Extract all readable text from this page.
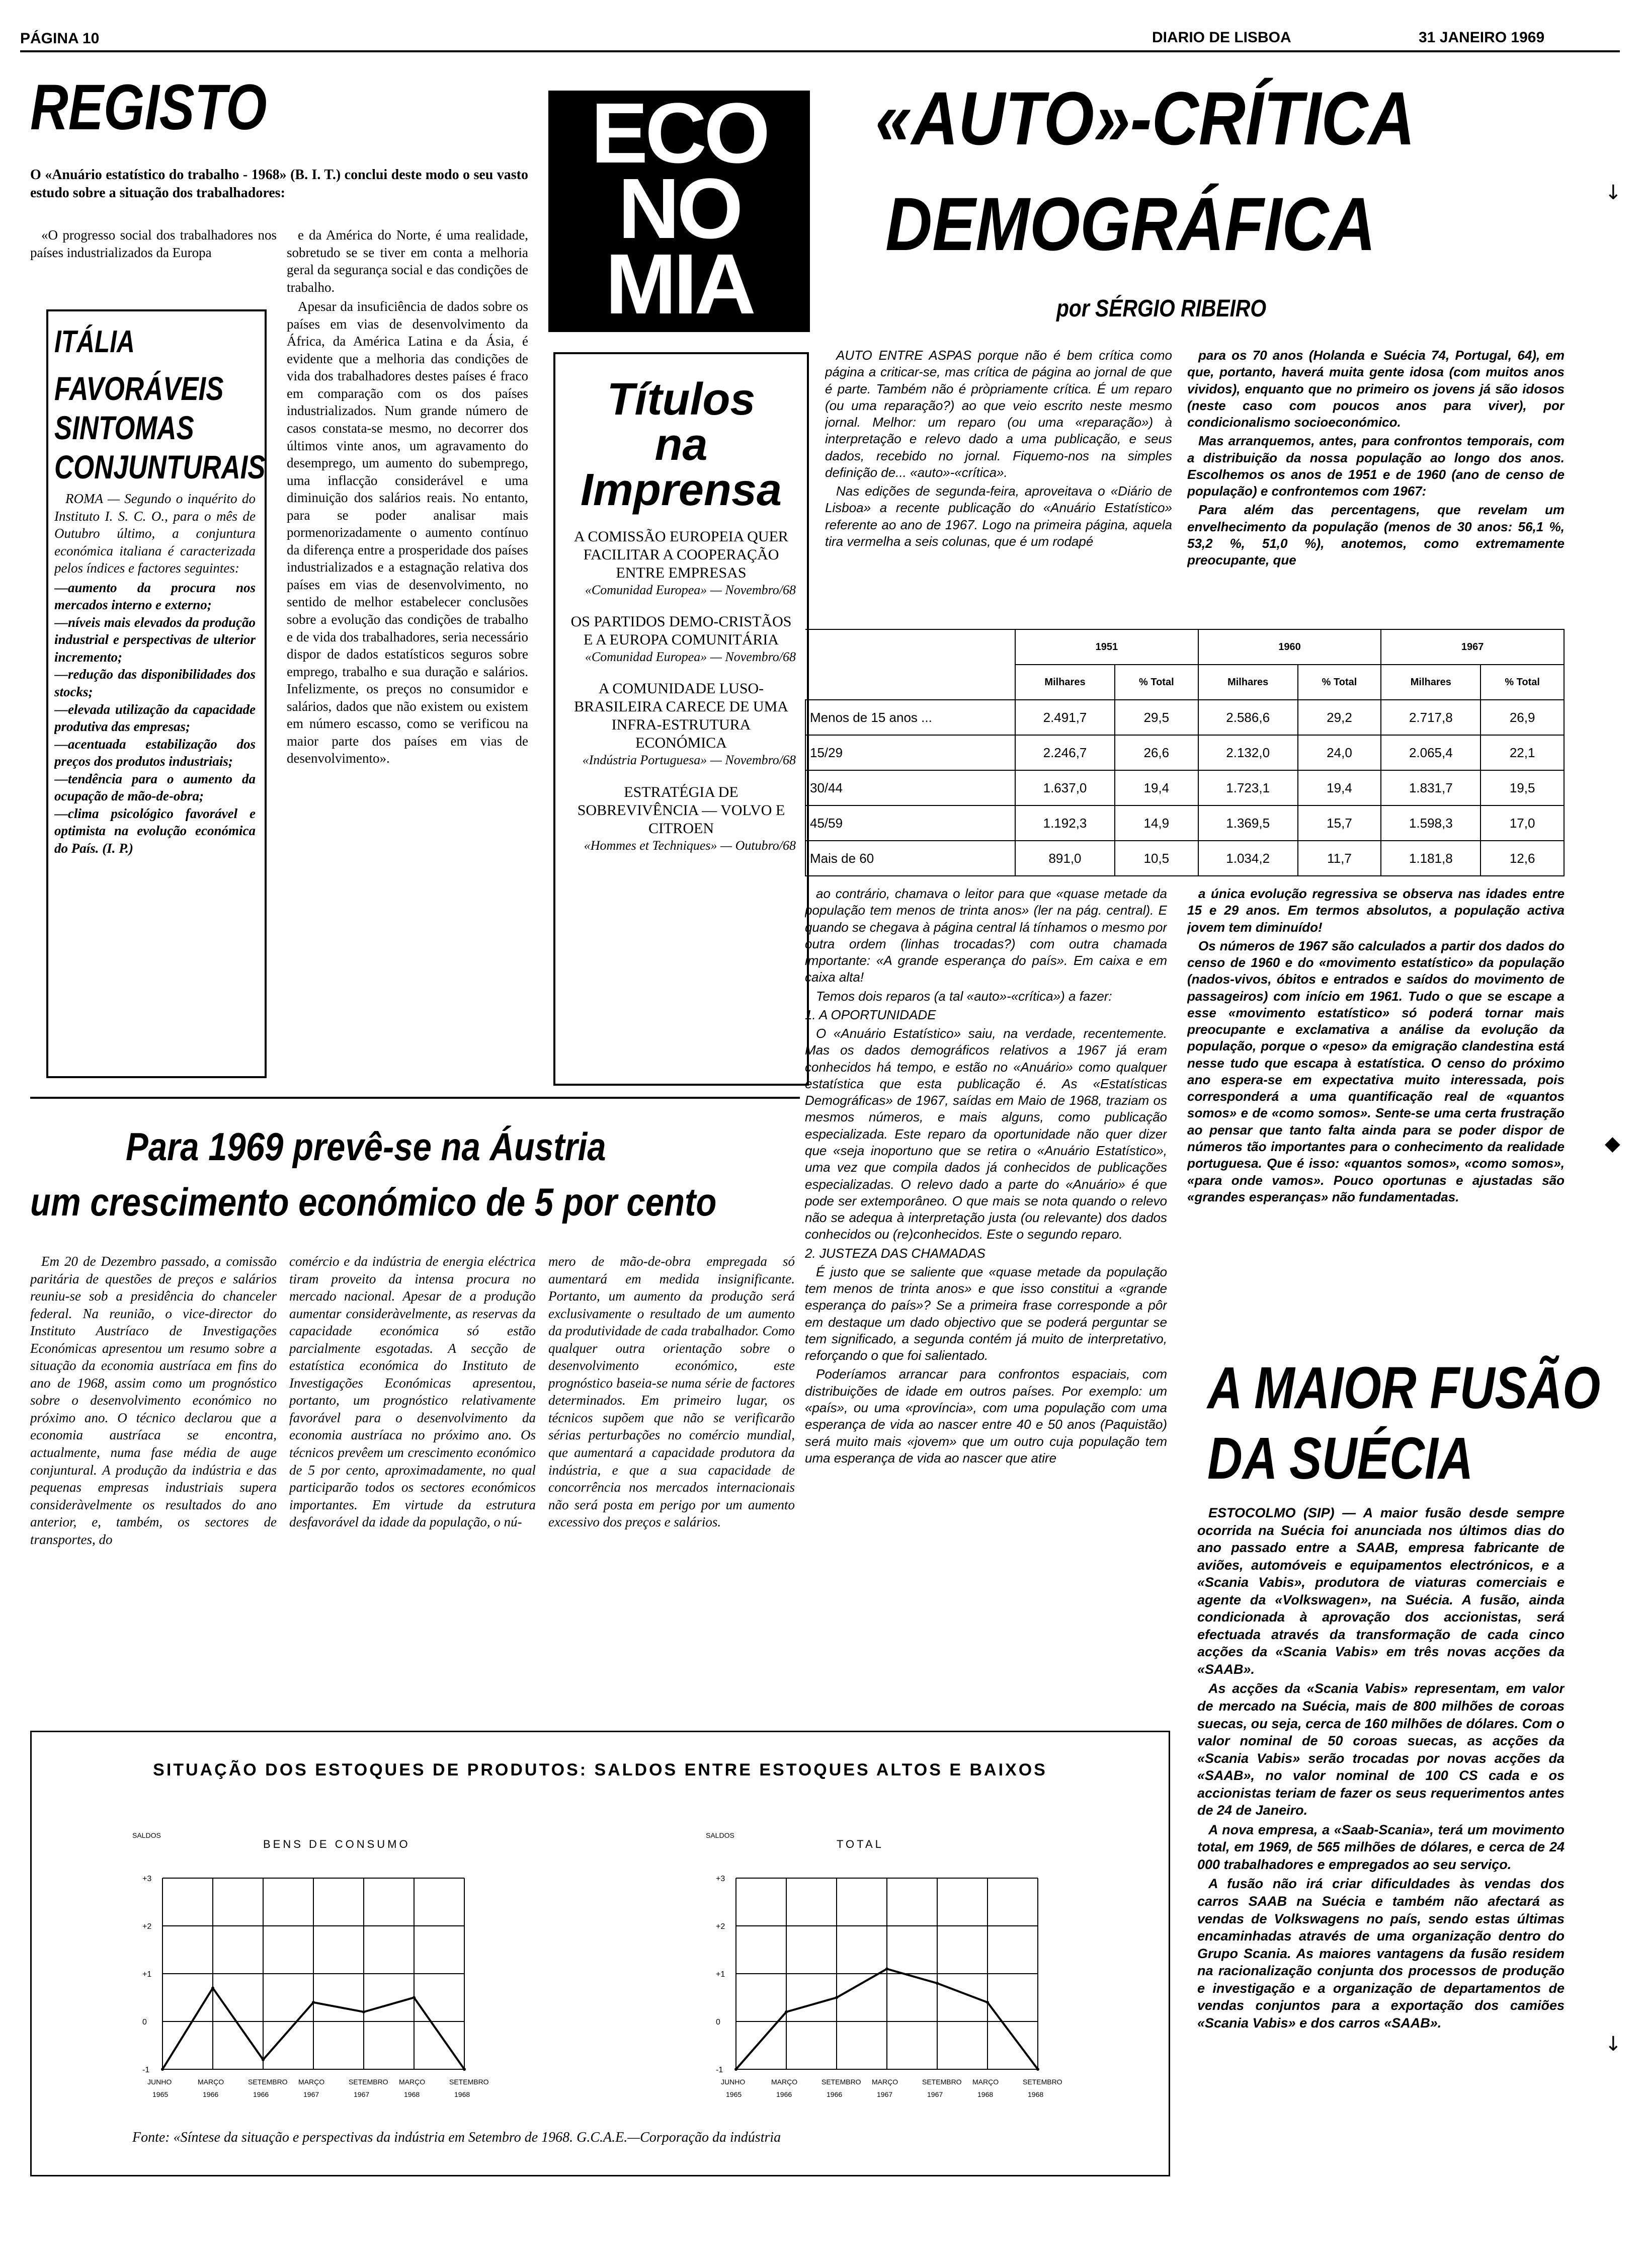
PÁGINA 10	DIARIO DE LISBOA	31 JANEIRO 1969
REGISTO
O «Anuário estatístico do trabalho - 1968» (B. I. T.) conclui deste modo o seu vasto estudo sobre a situação dos trabalhadores:

«O progresso social dos trabalhadores nos países industrializados da Europa

e da América do Norte, é uma realidade, sobretudo se se tiver em conta a melhoria geral da segurança social e das condições de trabalho.

Apesar da insuficiência de dados sobre os países em vias de desenvolvimento da África, da América Latina e da Ásia, é evidente que a melhoria das condições de vida dos trabalhadores destes países é fraco em comparação com os dos países industrializados. Num grande número de casos constata-se mesmo, no decorrer dos últimos vinte anos, um agravamento do desemprego, um aumento do subemprego, uma inflacção considerável e uma diminuição dos salários reais. No entanto, para se poder analisar mais pormenorizadamente o aumento contínuo da diferença entre a prosperidade dos países industrializados e a estagnação relativa dos países em vias de desenvolvimento, no sentido de melhor estabelecer conclusões sobre a evolução das condições de trabalho e de vida dos trabalhadores, seria necessário dispor de dados estatísticos seguros sobre emprego, trabalho e sua duração e salários. Infelizmente, os preços no consumidor e salários, dados que não existem ou existem em número escasso, como se verificou na maior parte dos países em vias de desenvolvimento».

ITÁLIA
FAVORÁVEIS
SINTOMAS
CONJUNTURAIS

ROMA — Segundo o inquérito do Instituto I. S. C. O., para o mês de Outubro último, a conjuntura económica italiana é caracterizada pelos índices e factores seguintes:

—aumento da procura nos mercados interno e externo;
—níveis mais elevados da produção industrial e perspectivas de ulterior incremento;
—redução das disponibilidades dos stocks;
—elevada utilização da capacidade produtiva das empresas;
—acentuada estabilização dos preços dos produtos industriais;
—tendência para o aumento da ocupação de mão-de-obra;
—clima psicológico favorável e optimista na evolução económica do País. (I. P.)
ECO
NO
MIA
Títulos
na
Imprensa
A COMISSÃO EUROPEIA QUER FACILITAR A COOPERAÇÃO ENTRE EMPRESAS
«Comunidad Europea» — Novembro/68
OS PARTIDOS DEMO-CRISTÃOS E A EUROPA COMUNITÁRIA
«Comunidad Europea» — Novembro/68
A COMUNIDADE LUSO-BRASILEIRA CARECE DE UMA INFRA-ESTRUTURA ECONÓMICA
«Indústria Portuguesa» — Novembro/68
ESTRATÉGIA DE SOBREVIVÊNCIA — VOLVO E CITROEN
«Hommes et Techniques» — Outubro/68
«AUTO»-CRÍTICA
DEMOGRÁFICA
por SÉRGIO RIBEIRO

AUTO ENTRE ASPAS porque não é bem crítica como página a criticar-se, mas crítica de página ao jornal de que é parte. Também não é pròpriamente crítica. É um reparo (ou uma reparação?) ao que veio escrito neste mesmo jornal. Melhor: um reparo (ou uma «reparação») à interpretação e relevo dado a uma publicação, e seus dados, recebido no jornal. Fiquemo-nos na simples definição de... «auto»-«crítica».

Nas edições de segunda-feira, aproveitava o «Diário de Lisboa» a recente publicação do «Anuário Estatístico» referente ao ano de 1967. Logo na primeira página, aquela tira vermelha a seis colunas, que é um rodapé

para os 70 anos (Holanda e Suécia 74, Portugal, 64), em que, portanto, haverá muita gente idosa (com muitos anos vividos), enquanto que no primeiro os jovens já são idosos (neste caso com poucos anos para viver), por condicionalismo socioeconómico.

Mas arranquemos, antes, para confrontos temporais, com a distribuição da nossa população ao longo dos anos. Escolhemos os anos de 1951 e de 1960 (ano de censo de população) e confrontemos com 1967:

Para além das percentagens, que revelam um envelhecimento da população (menos de 30 anos: 56,1 %, 53,2 %, 51,0 %), anotemos, como extremamente preocupante, que

	1951		1960		1967	
	Milhares	% Total	Milhares	% Total	Milhares	% Total
Menos de 15 anos ...	2.491,7	29,5	2.586,6	29,2	2.717,8	26,9
15/29	2.246,7	26,6	2.132,0	24,0	2.065,4	22,1
30/44	1.637,0	19,4	1.723,1	19,4	1.831,7	19,5
45/59	1.192,3	14,9	1.369,5	15,7	1.598,3	17,0
Mais de 60	891,0	10,5	1.034,2	11,7	1.181,8	12,6

ao contrário, chamava o leitor para que «quase metade da população tem menos de trinta anos» (ler na pág. central). E quando se chegava à página central lá tínhamos o mesmo por outra ordem (linhas trocadas?) com outra chamada importante: «A grande esperança do país». Em caixa e em caixa alta!

Temos dois reparos (a tal «auto»-«crítica») a fazer:

1. A OPORTUNIDADE

O «Anuário Estatístico» saiu, na verdade, recentemente. Mas os dados demográficos relativos a 1967 já eram conhecidos há tempo, e estão no «Anuário» como qualquer estatística que esta publicação é. As «Estatísticas Demográficas» de 1967, saídas em Maio de 1968, traziam os mesmos números, e mais alguns, como publicação especializada. Este reparo da oportunidade não quer dizer que «seja inoportuno que se retira o «Anuário Estatístico», uma vez que compila dados já conhecidos de publicações especializadas. O relevo dado a parte do «Anuário» é que pode ser extemporâneo. O que mais se nota quando o relevo não se adequa à interpretação justa (ou relevante) dos dados conhecidos ou (re)conhecidos. Este o segundo reparo.

2. JUSTEZA DAS CHAMADAS

É justo que se saliente que «quase metade da população tem menos de trinta anos» e que isso constitui a «grande esperança do país»? Se a primeira frase corresponde a pôr em destaque um dado objectivo que se poderá perguntar se tem significado, a segunda contém já muito de interpretativo, reforçando o que foi salientado.

Poderíamos arrancar para confrontos espaciais, com distribuições de idade em outros países. Por exemplo: um «país», ou uma «província», com uma população com uma esperança de vida ao nascer entre 40 e 50 anos (Paquistão) será muito mais «jovem» que um outro cuja população tem uma esperança de vida ao nascer que atire

a única evolução regressiva se observa nas idades entre 15 e 29 anos. Em termos absolutos, a população activa jovem tem diminuído!

Os números de 1967 são calculados a partir dos dados do censo de 1960 e do «movimento estatístico» da população (nados-vivos, óbitos e entrados e saídos do movimento de passageiros) com início em 1961. Tudo o que se escape a esse «movimento estatístico» só poderá tornar mais preocupante e exclamativa a análise da evolução da população, porque o «peso» da emigração clandestina está nesse tudo que escapa à estatística. O censo do próximo ano espera-se em expectativa muito interessada, pois corresponderá a uma quantificação real de «quantos somos» e de «como somos». Sente-se uma certa frustração ao pensar que tanto falta ainda para se poder dispor de números tão importantes para o conhecimento da realidade portuguesa. Que é isso: «quantos somos», «como somos», «para onde vamos». Pouco oportunas e ajustadas são «grandes esperanças» não fundamentadas.

Para 1969 prevê-se na Áustria
um crescimento económico de 5 por cento

Em 20 de Dezembro passado, a comissão paritária de questões de preços e salários reuniu-se sob a presidência do chanceler federal. Na reunião, o vice-director do Instituto Austríaco de Investigações Económicas apresentou um resumo sobre a situação da economia austríaca em fins do ano de 1968, assim como um prognóstico sobre o desenvolvimento económico no próximo ano. O técnico declarou que a economia austríaca se encontra, actualmente, numa fase média de auge conjuntural. A produção da indústria e das pequenas empresas industriais supera consideràvelmente os resultados do ano anterior, e, também, os sectores de transportes, do

comércio e da indústria de energia eléctrica tiram proveito da intensa procura no mercado nacional. Apesar de a produção aumentar consideràvelmente, as reservas da capacidade económica só estão parcialmente esgotadas. A secção de estatística económica do Instituto de Investigações Económicas apresentou, portanto, um prognóstico relativamente favorável para o desenvolvimento da economia austríaca no próximo ano. Os técnicos prevêem um crescimento económico de 5 por cento, aproximadamente, no qual participarão todos os sectores económicos importantes. Em virtude da estrutura desfavorável da idade da população, o nú-

mero de mão-de-obra empregada só aumentará em medida insignificante. Portanto, um aumento da produção será exclusivamente o resultado de um aumento da produtividade de cada trabalhador. Como qualquer outra orientação sobre o desenvolvimento económico, este prognóstico baseia-se numa série de factores determinados. Em primeiro lugar, os técnicos supõem que não se verificarão sérias perturbações no comércio mundial, que aumentará a capacidade produtora da indústria, e que a sua capacidade de concorrência nos mercados internacionais não será posta em perigo por um aumento excessivo dos preços e salários.

A MAIOR FUSÃO
DA SUÉCIA

ESTOCOLMO (SIP) — A maior fusão desde sempre ocorrida na Suécia foi anunciada nos últimos dias do ano passado entre a SAAB, empresa fabricante de aviões, automóveis e equipamentos electrónicos, e a «Scania Vabis», produtora de viaturas comerciais e agente da «Volkswagen», na Suécia. A fusão, ainda condicionada à aprovação dos accionistas, será efectuada através da transformação de cada cinco acções da «Scania Vabis» em três novas acções da «SAAB».

As acções da «Scania Vabis» representam, em valor de mercado na Suécia, mais de 800 milhões de coroas suecas, ou seja, cerca de 160 milhões de dólares. Com o valor nominal de 50 coroas suecas, as acções da «Scania Vabis» serão trocadas por novas acções da «SAAB», no valor nominal de 100 CS cada e os accionistas teriam de fazer os seus requerimentos antes de 24 de Janeiro.

A nova empresa, a «Saab-Scania», terá um movimento total, em 1969, de 565 milhões de dólares, e cerca de 24 000 trabalhadores e empregados ao seu serviço.

A fusão não irá criar dificuldades às vendas dos carros SAAB na Suécia e também não afectará as vendas de Volkswagens no país, sendo estas últimas encaminhadas através de uma organização dentro do Grupo Scania. As maiores vantagens da fusão residem na racionalização conjunta dos processos de produção e investigação e a organização de departamentos de vendas conjuntos para a exportação dos camiões «Scania Vabis» e dos carros «SAAB».

SITUAÇÃO DOS ESTOQUES DE PRODUTOS: SALDOS ENTRE ESTOQUES ALTOS E BAIXOS
BENS DE CONSUMO
SALDOS
JUNHO
1965
MARÇO
1966
SETEMBRO
1966
MARÇO
1967
SETEMBRO
1967
MARÇO
1968
SETEMBRO
1968
+3
+2
+1
0
-1
TOTAL
SALDOS
JUNHO
1965
MARÇO
1966
SETEMBRO
1966
MARÇO
1967
SETEMBRO
1967
MARÇO
1968
SETEMBRO
1968
+3
+2
+1
0
-1
Fonte: «Síntese da situação e perspectivas da indústria em Setembro de 1968. G.C.A.E.—Corporação da indústria
↓
◆
↓
